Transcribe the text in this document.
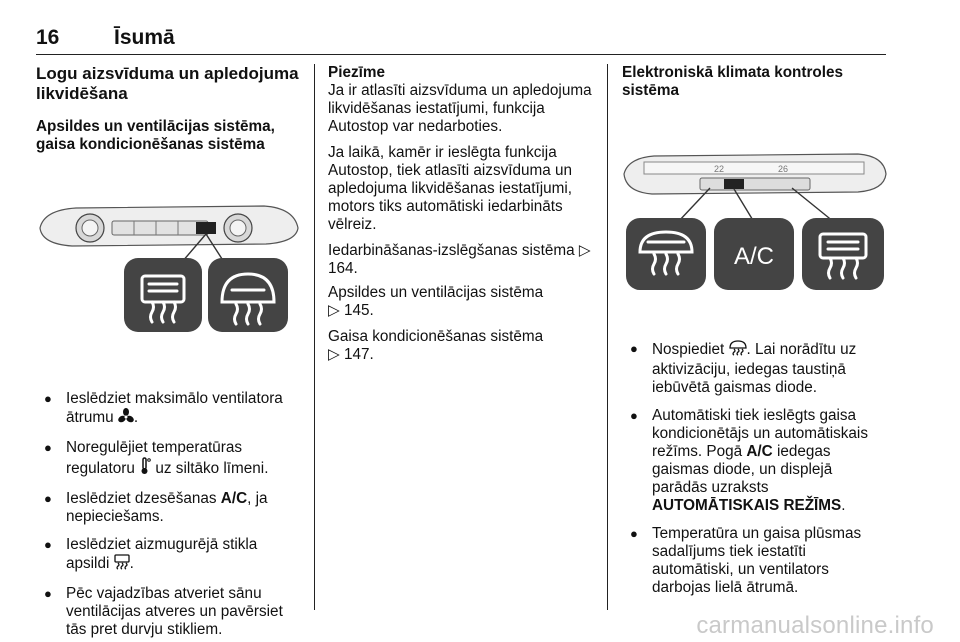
16	Īsumā
Logu aizsvīduma un apledojuma likvidēšana
Apsildes un ventilācijas sistēma, gaisa kondicionēšanas sistēma
● Ieslēdziet maksimālo ventilatora ātrumu .
● Noregulējiet temperatūras regulatoru uz siltāko līmeni.
● Ieslēdziet dzesēšanas A/C, ja nepieciešams.
● Ieslēdziet aizmugurējā stikla apsildi .
● Pēc vajadzības atveriet sānu ventilācijas atveres un pavērsiet tās pret durvju stikliem.
Piezīme

Ja ir atlasīti aizsvīduma un apledojuma likvidēšanas iestatījumi, funkcija Autostop var nedarboties.

Ja laikā, kamēr ir ieslēgta funkcija Autostop, tiek atlasīti aizsvīduma un apledojuma likvidēšanas iestatījumi, motors tiks automātiski iedarbināts vēlreiz.

Iedarbināšanas-izslēgšanas sistēma ▷ 164.

Apsildes un ventilācijas sistēma
▷ 145.

Gaisa kondicionēšanas sistēma
▷ 147.

Elektroniskā klimata kontroles sistēma
22	26
A/C
● Nospiediet . Lai norādītu uz aktivizāciju, iedegas taustiņā iebūvētā gaismas diode.
● Automātiski tiek ieslēgts gaisa kondicionētājs un automātiskais režīms. Pogā A/C iedegas gaismas diode, un displejā parādās uzraksts AUTOMĀTISKAIS REŽĪMS.
● Temperatūra un gaisa plūsmas sadalījums tiek iestatīti automātiski, un ventilators darbojas lielā ātrumā.
carmanualsonline.info
